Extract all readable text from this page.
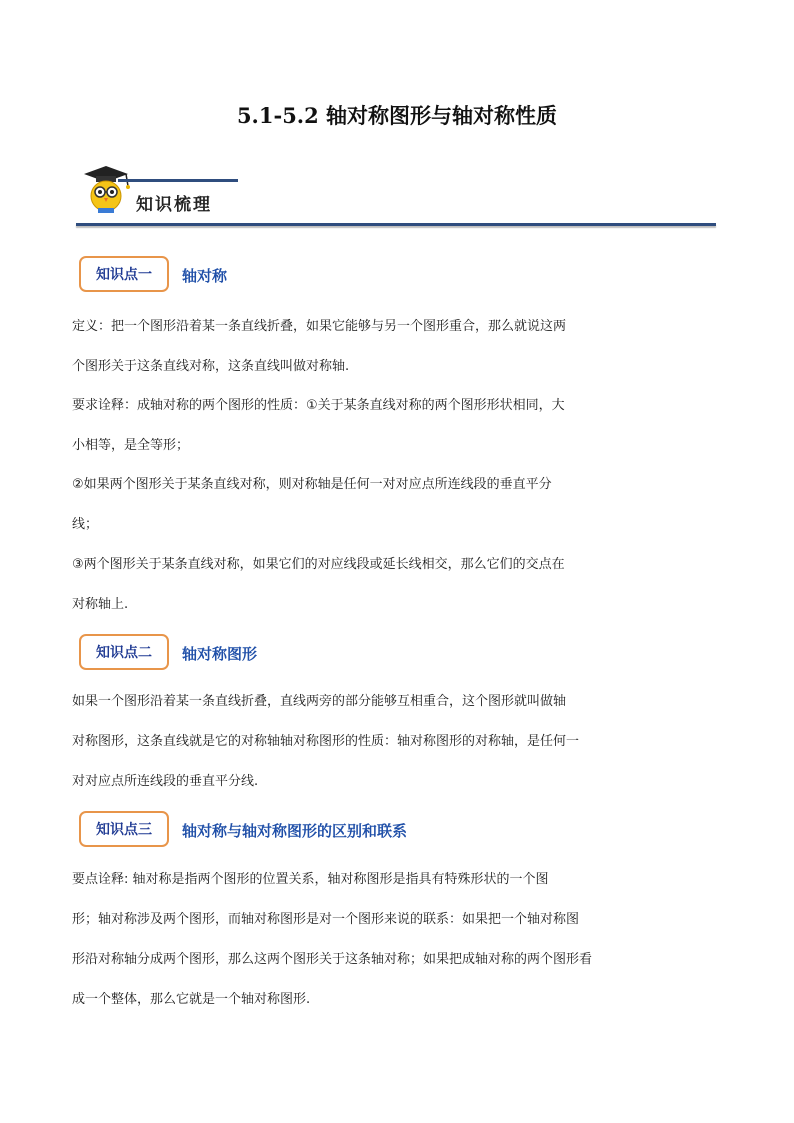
5.1-5.2 轴对称图形与轴对称性质
知识梳理
知识点一	轴对称
定义：把一个图形沿着某一条直线折叠，如果它能够与另一个图形重合，那么就说这两
个图形关于这条直线对称，这条直线叫做对称轴.
要求诠释：成轴对称的两个图形的性质：①关于某条直线对称的两个图形形状相同，大
小相等，是全等形；
②如果两个图形关于某条直线对称，则对称轴是任何一对对应点所连线段的垂直平分
线；
③两个图形关于某条直线对称，如果它们的对应线段或延长线相交，那么它们的交点在
对称轴上.
知识点二	轴对称图形
如果一个图形沿着某一条直线折叠，直线两旁的部分能够互相重合，这个图形就叫做轴
对称图形，这条直线就是它的对称轴轴对称图形的性质：轴对称图形的对称轴，是任何一
对对应点所连线段的垂直平分线.
知识点三	轴对称与轴对称图形的区别和联系
要点诠释: 轴对称是指两个图形的位置关系，轴对称图形是指具有特殊形状的一个图
形；轴对称涉及两个图形，而轴对称图形是对一个图形来说的联系：如果把一个轴对称图
形沿对称轴分成两个图形，那么这两个图形关于这条轴对称；如果把成轴对称的两个图形看
成一个整体，那么它就是一个轴对称图形.
